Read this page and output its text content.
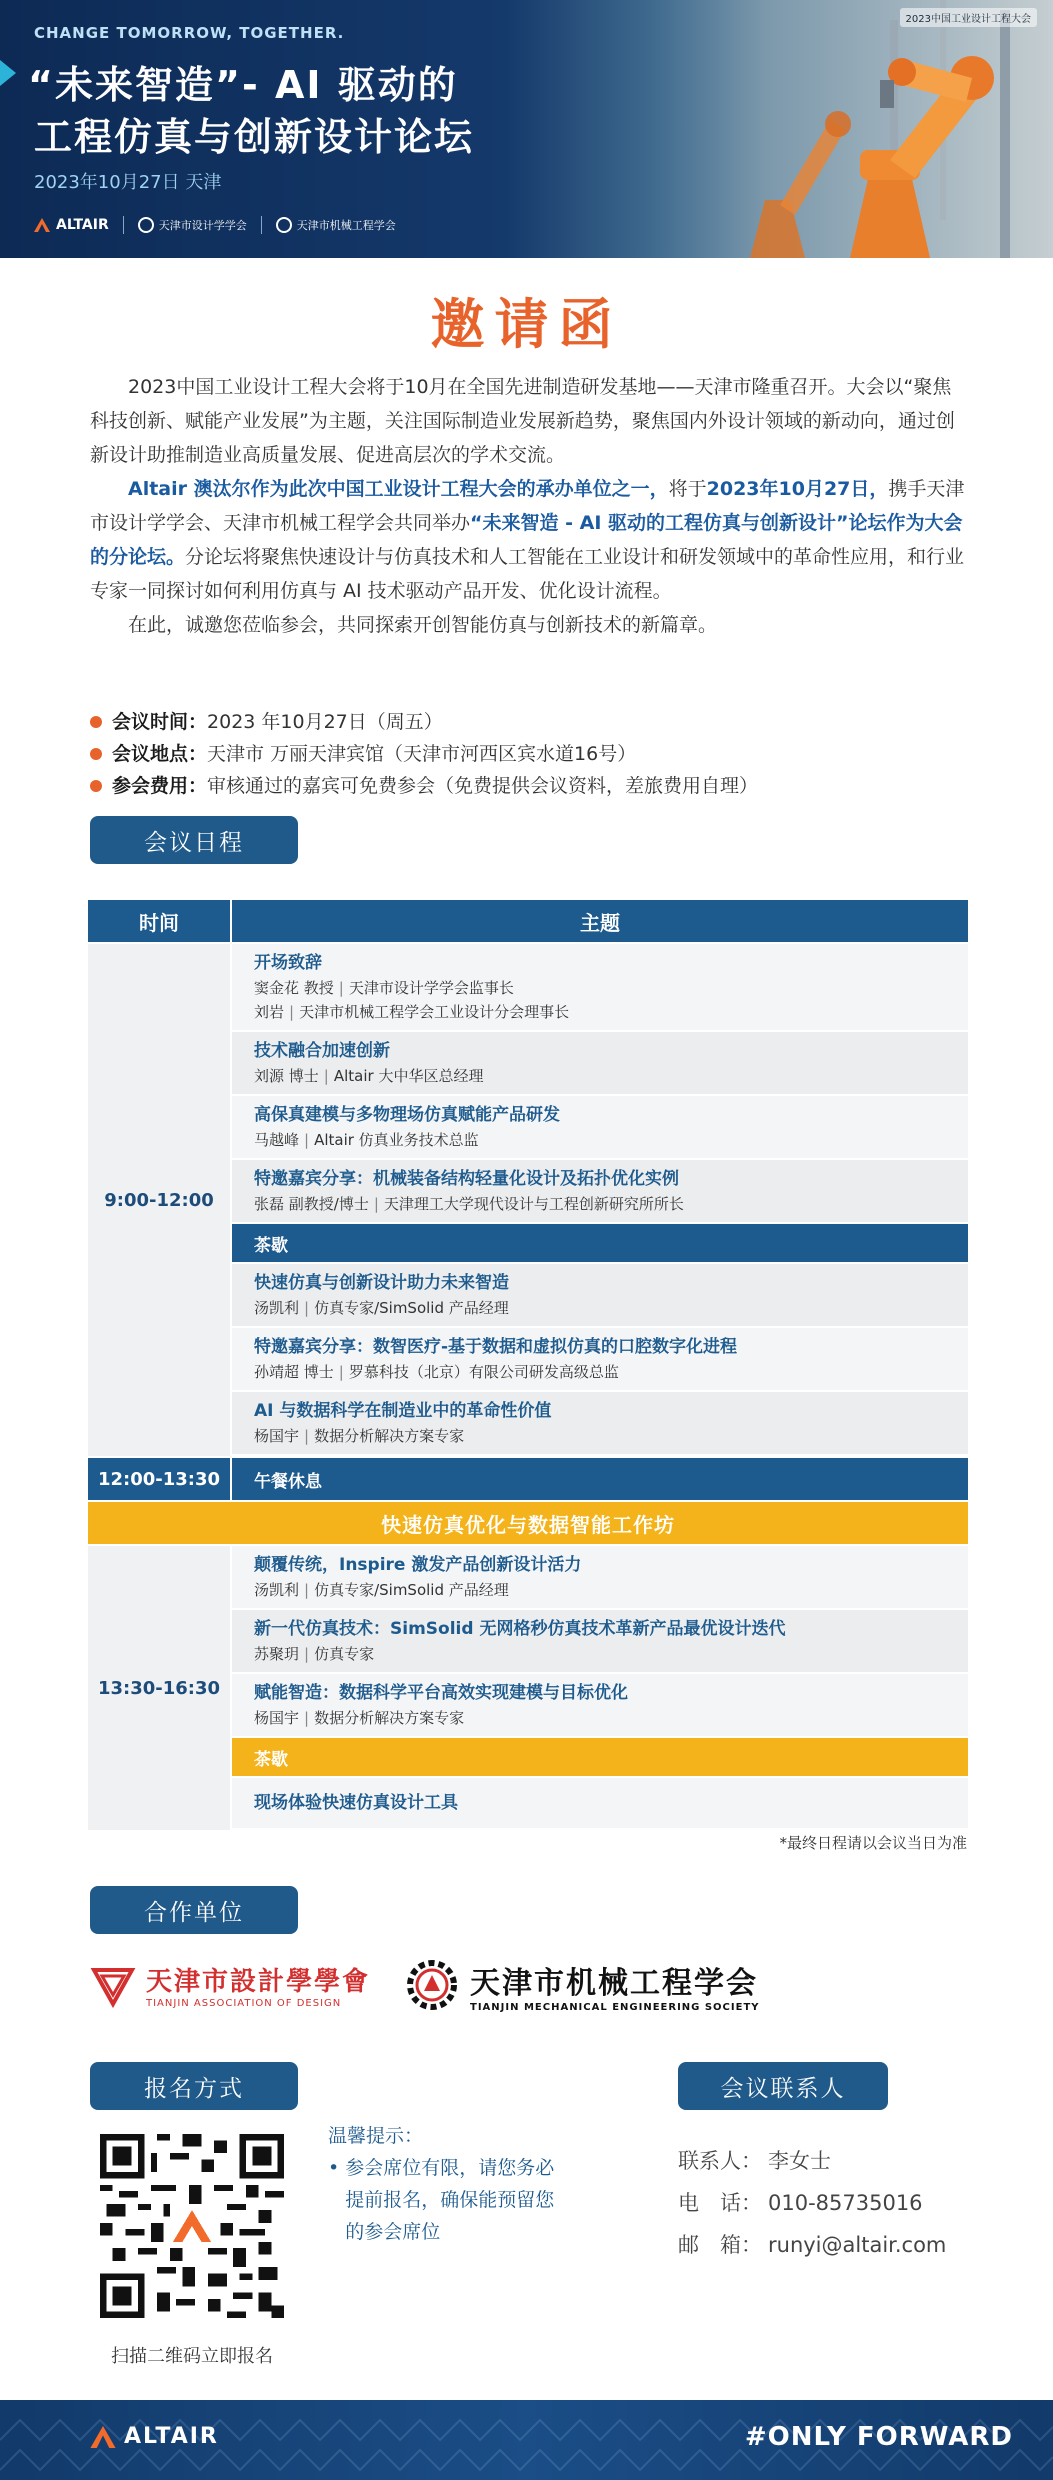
CHANGE TOMORROW, TOGETHER.
“未来智造”- AI 驱动的
工程仿真与创新设计论坛
2023年10月27日 天津
2023中国工业设计工程大会
ALTAIR	天津市设计学学会	天津市机械工程学会
邀请函

2023中国工业设计工程大会将于10月在全国先进制造研发基地——天津市隆重召开。大会以“聚焦科技创新、赋能产业发展”为主题，关注国际制造业发展新趋势，聚焦国内外设计领域的新动向，通过创新设计助推制造业高质量发展、促进高层次的学术交流。

Altair 澳汰尔作为此次中国工业设计工程大会的承办单位之一，将于2023年10月27日，携手天津市设计学学会、天津市机械工程学会共同举办“未来智造 - AI 驱动的工程仿真与创新设计”论坛作为大会的分论坛。分论坛将聚焦快速设计与仿真技术和人工智能在工业设计和研发领域中的革命性应用，和行业专家一同探讨如何利用仿真与 AI 技术驱动产品开发、优化设计流程。

在此，诚邀您莅临参会，共同探索开创智能仿真与创新技术的新篇章。

会议时间： 2023 年10月27日（周五）
会议地点： 天津市 万丽天津宾馆（天津市河西区宾水道16号）
参会费用： 审核通过的嘉宾可免费参会（免费提供会议资料，差旅费用自理）
会议日程
时间	主题
9:00-12:00
开场致辞
窦金花 教授 | 天津市设计学学会监事长
刘岩 | 天津市机械工程学会工业设计分会理事长
技术融合加速创新
刘源 博士 | Altair 大中华区总经理
高保真建模与多物理场仿真赋能产品研发
马越峰 | Altair 仿真业务技术总监
特邀嘉宾分享：机械装备结构轻量化设计及拓扑优化实例
张磊 副教授/博士 | 天津理工大学现代设计与工程创新研究所所长
茶歇
快速仿真与创新设计助力未来智造
汤凯利 | 仿真专家/SimSolid 产品经理
特邀嘉宾分享：数智医疗-基于数据和虚拟仿真的口腔数字化进程
孙靖超 博士 | 罗慕科技（北京）有限公司研发高级总监
AI 与数据科学在制造业中的革命性价值
杨国宇 | 数据分析解决方案专家
12:00-13:30	午餐休息
快速仿真优化与数据智能工作坊
13:30-16:30
颠覆传统，Inspire 激发产品创新设计活力
汤凯利 | 仿真专家/SimSolid 产品经理
新一代仿真技术：SimSolid 无网格秒仿真技术革新产品最优设计迭代
苏聚玥 | 仿真专家
赋能智造：数据科学平台高效实现建模与目标优化
杨国宇 | 数据分析解决方案专家
茶歇
现场体验快速仿真设计工具
*最终日程请以会议当日为准
合作单位
天津市設計學學會
TIANJIN ASSOCIATION OF DESIGN
天津市机械工程学会
TIANJIN MECHANICAL ENGINEERING SOCIETY
报名方式	会议联系人
扫描二维码立即报名
温馨提示：
• 参会席位有限，请您务必提前报名，确保能预留您的参会席位
联系人： 李女士
电　话： 010-85735016
邮　箱： runyi@altair.com
ALTAIR	#ONLY FORWARD
